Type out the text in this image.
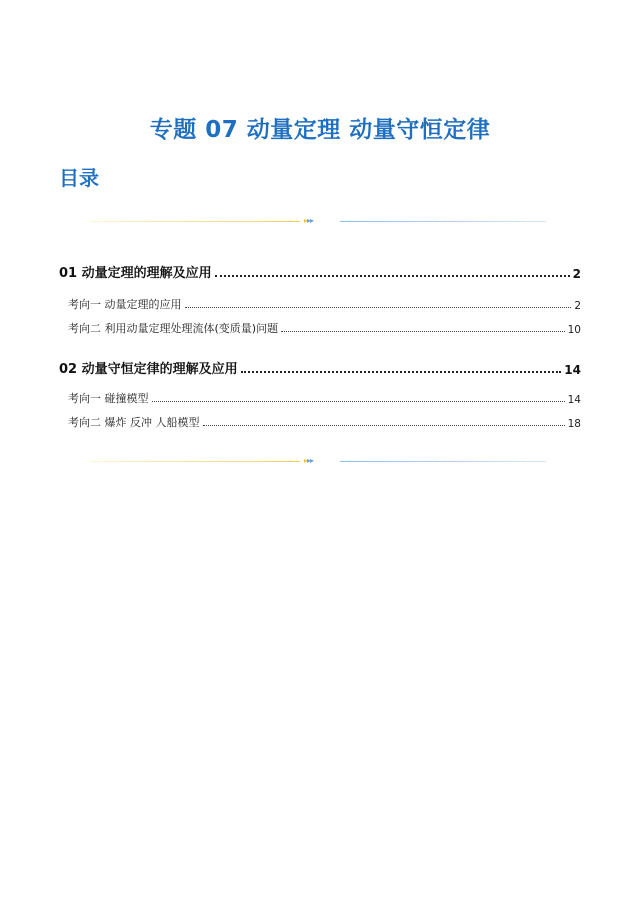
专题 07 动量定理 动量守恒定律
目录
▸▸▸
01 动量定理的理解及应用	2
考向一 动量定理的应用	2
考向二 利用动量定理处理流体(变质量)问题	10
02 动量守恒定律的理解及应用	14
考向一 碰撞模型	14
考向二 爆炸 反冲 人船模型	18
▸▸▸
